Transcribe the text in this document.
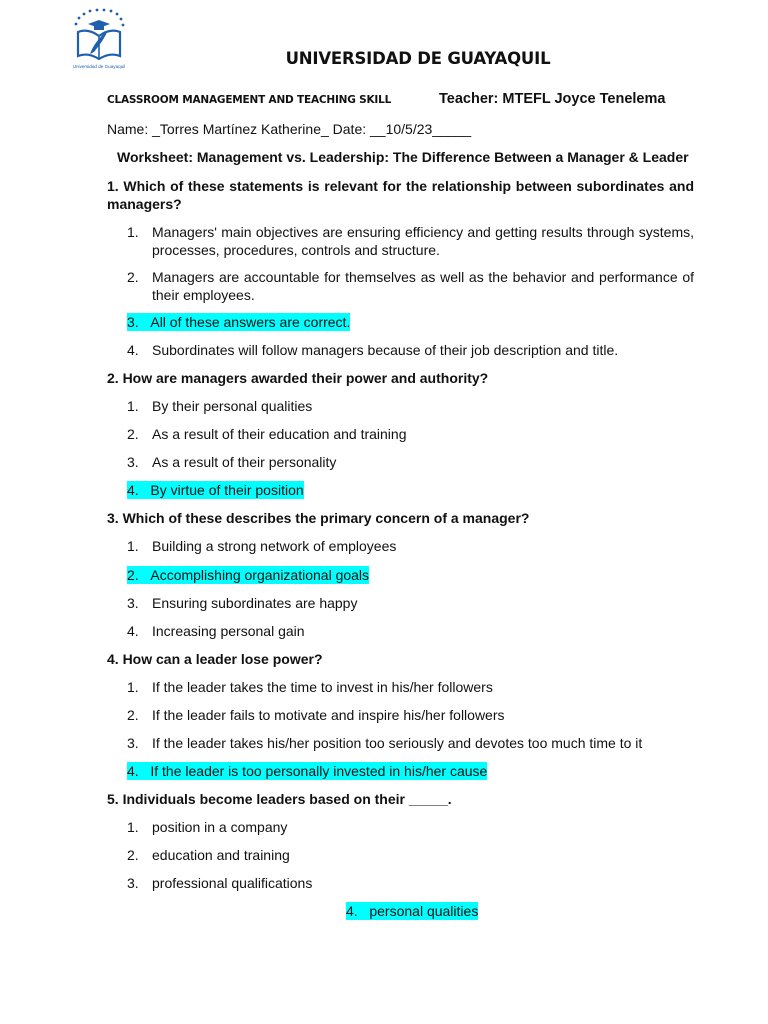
Universidad de Guayaquil	UNIVERSIDAD DE GUAYAQUIL
CLASSROOM MANAGEMENT AND TEACHING SKILL	Teacher: MTEFL Joyce Tenelema
Name: _Torres Martínez Katherine_ Date: __10/5/23_____
Worksheet: Management vs. Leadership: The Difference Between a Manager & Leader
1. Which of these statements is relevant for the relationship between subordinates and managers?
1. Managers' main objectives are ensuring efficiency and getting results through systems, processes, procedures, controls and structure.
2. Managers are accountable for themselves as well as the behavior and performance of their employees.
3. All of these answers are correct.
4. Subordinates will follow managers because of their job description and title.
2. How are managers awarded their power and authority?
1. By their personal qualities
2. As a result of their education and training
3. As a result of their personality
4. By virtue of their position
3. Which of these describes the primary concern of a manager?
1. Building a strong network of employees
2. Accomplishing organizational goals
3. Ensuring subordinates are happy
4. Increasing personal gain
4. How can a leader lose power?
1. If the leader takes the time to invest in his/her followers
2. If the leader fails to motivate and inspire his/her followers
3. If the leader takes his/her position too seriously and devotes too much time to it
4. If the leader is too personally invested in his/her cause
5. Individuals become leaders based on their _____.
1. position in a company
2. education and training
3. professional qualifications
4. personal qualities
